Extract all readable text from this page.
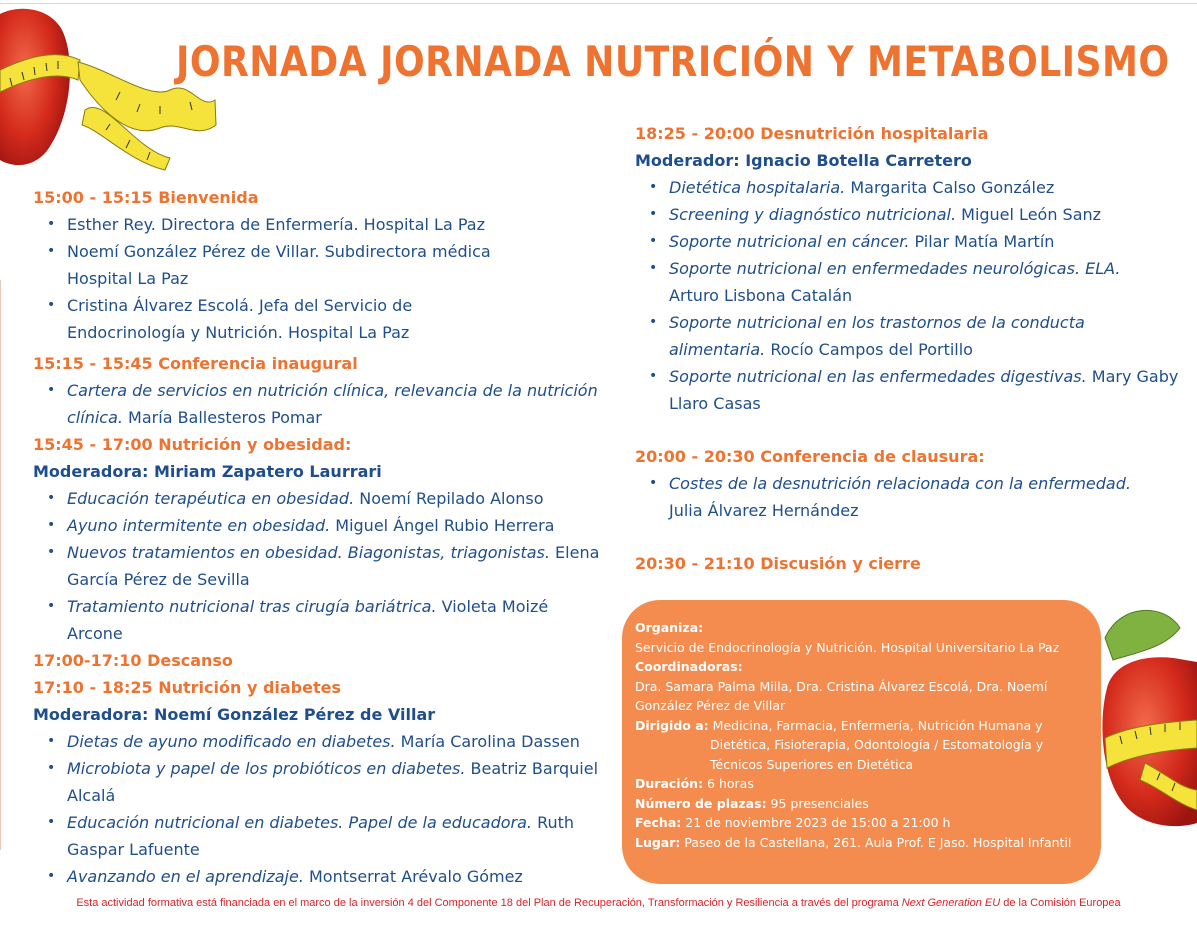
JORNADA JORNADA NUTRICIÓN Y METABOLISMO
15:00 - 15:15 Bienvenida
• Esther Rey. Directora de Enfermería. Hospital La Paz
• Noemí González Pérez de Villar. Subdirectora médica
Hospital La Paz
• Cristina Álvarez Escolá. Jefa del Servicio de
Endocrinología y Nutrición. Hospital La Paz
15:15 - 15:45 Conferencia inaugural
• Cartera de servicios en nutrición clínica, relevancia de la nutrición
clínica. María Ballesteros Pomar
15:45 - 17:00 Nutrición y obesidad:
Moderadora: Miriam Zapatero Laurrari
• Educación terapéutica en obesidad. Noemí Repilado Alonso
• Ayuno intermitente en obesidad. Miguel Ángel Rubio Herrera
• Nuevos tratamientos en obesidad. Biagonistas, triagonistas. Elena
García Pérez de Sevilla
• Tratamiento nutricional tras cirugía bariátrica. Violeta Moizé
Arcone
17:00-17:10 Descanso
17:10 - 18:25 Nutrición y diabetes
Moderadora: Noemí González Pérez de Villar
• Dietas de ayuno modificado en diabetes. María Carolina Dassen
• Microbiota y papel de los probióticos en diabetes. Beatriz Barquiel
Alcalá
• Educación nutricional en diabetes. Papel de la educadora. Ruth
Gaspar Lafuente
• Avanzando en el aprendizaje. Montserrat Arévalo Gómez
18:25 - 20:00 Desnutrición hospitalaria
Moderador: Ignacio Botella Carretero
• Dietética hospitalaria. Margarita Calso González
• Screening y diagnóstico nutricional. Miguel León Sanz
• Soporte nutricional en cáncer. Pilar Matía Martín
• Soporte nutricional en enfermedades neurológicas. ELA.
Arturo Lisbona Catalán
• Soporte nutricional en los trastornos de la conducta
alimentaria. Rocío Campos del Portillo
• Soporte nutricional en las enfermedades digestivas. Mary Gaby
Llaro Casas
20:00 - 20:30 Conferencia de clausura:
• Costes de la desnutrición relacionada con la enfermedad.
Julia Álvarez Hernández
20:30 - 21:10 Discusión y cierre
Organiza:
Servicio de Endocrinología y Nutrición. Hospital Universitario La Paz
Coordinadoras:
Dra. Samara Palma Milla, Dra. Cristina Álvarez Escolá, Dra. Noemí
González Pérez de Villar
Dirigido a: Medicina, Farmacia, Enfermería, Nutrición Humana y
Dietética, Fisioterapia, Odontología / Estomatología y
Técnicos Superiores en Dietética
Duración: 6 horas
Número de plazas: 95 presenciales
Fecha: 21 de noviembre 2023 de 15:00 a 21:00 h
Lugar: Paseo de la Castellana, 261. Aula Prof. E Jaso. Hospital Infantil
Esta actividad formativa está financiada en el marco de la inversión 4 del Componente 18 del Plan de Recuperación, Transformación y Resiliencia a través del programa Next Generation EU de la Comisión Europea
